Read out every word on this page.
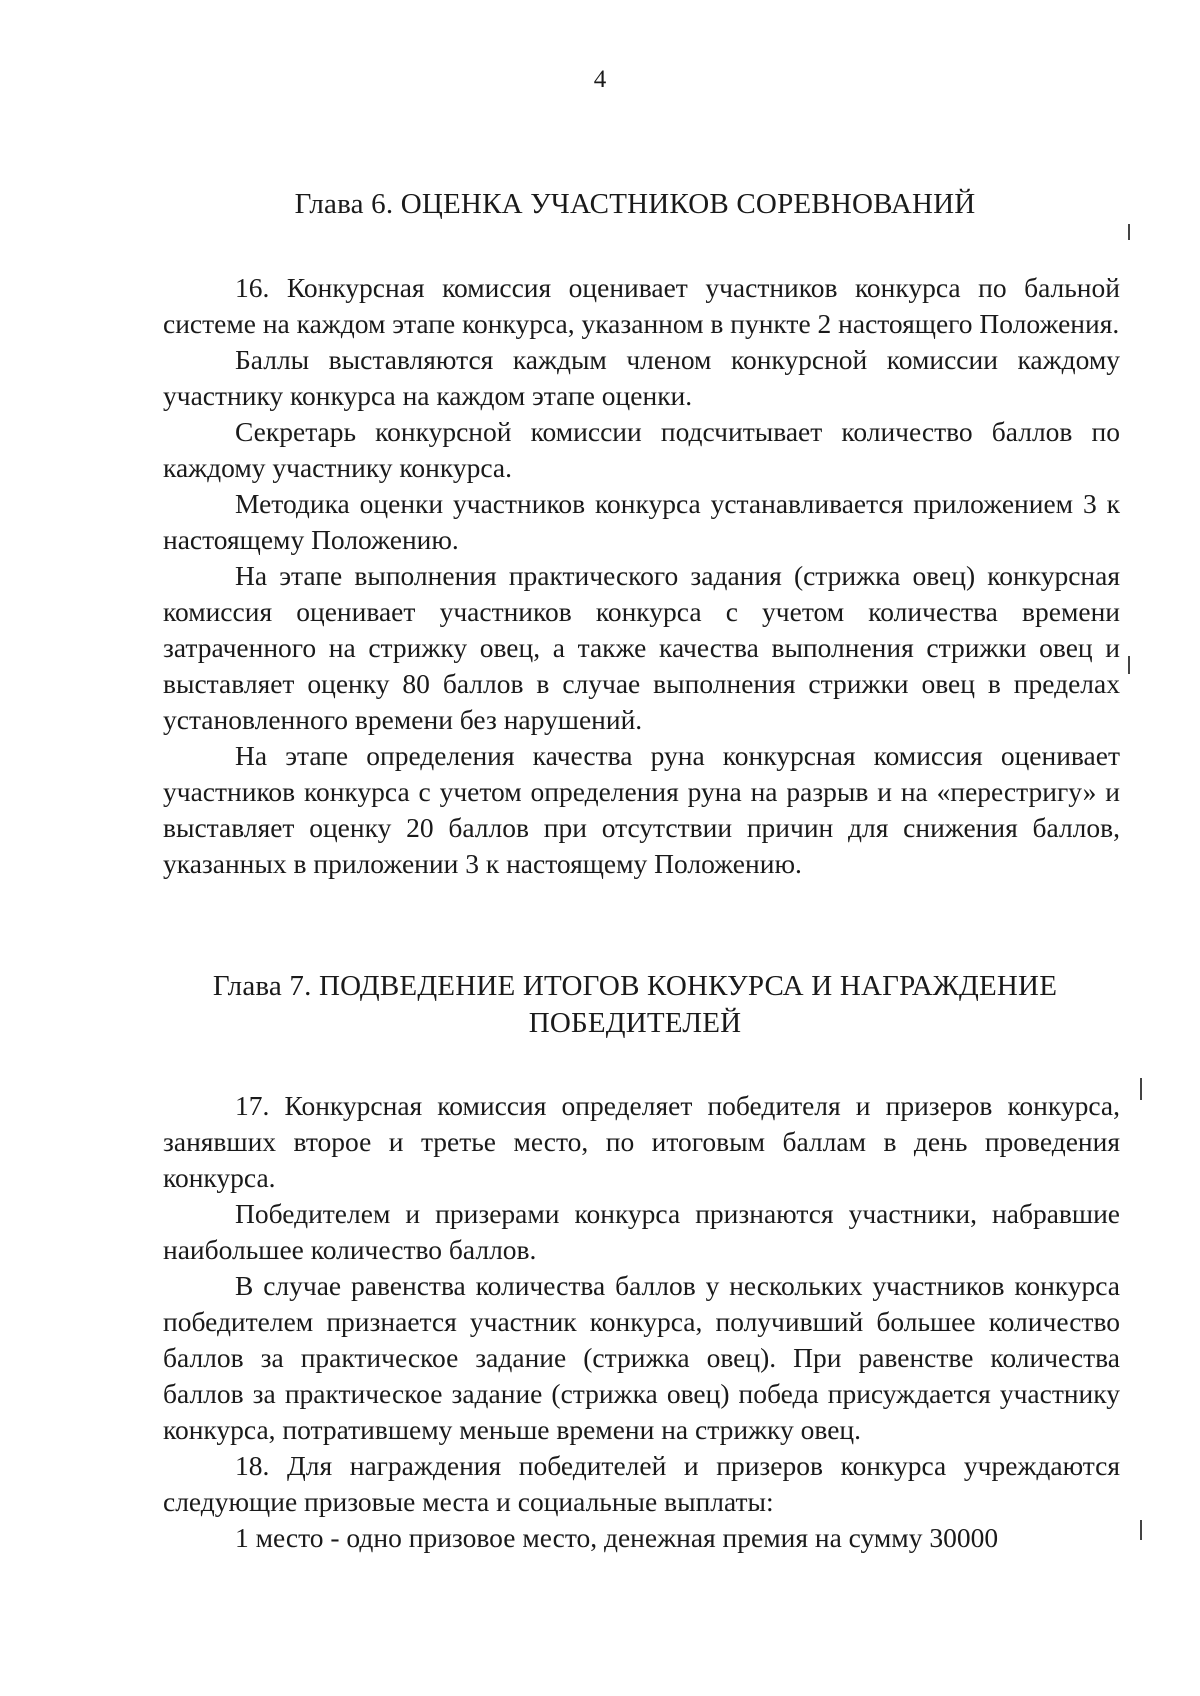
4
Глава 6. ОЦЕНКА УЧАСТНИКОВ СОРЕВНОВАНИЙ

16. Конкурсная комиссия оценивает участников конкурса по бальной системе на каждом этапе конкурса, указанном в пункте 2 настоящего Положения.

Баллы выставляются каждым членом конкурсной комиссии каждому участнику конкурса на каждом этапе оценки.

Секретарь конкурсной комиссии подсчитывает количество баллов по каждому участнику конкурса.

Методика оценки участников конкурса устанавливается приложением 3 к настоящему Положению.

На этапе выполнения практического задания (стрижка овец) конкурсная комиссия оценивает участников конкурса с учетом количества времени затраченного на стрижку овец, а также качества выполнения стрижки овец и выставляет оценку 80 баллов в случае выполнения стрижки овец в пределах установленного времени без нарушений.

На этапе определения качества руна конкурсная комиссия оценивает участников конкурса с учетом определения руна на разрыв и на «перестригу» и выставляет оценку 20 баллов при отсутствии причин для снижения баллов, указанных в приложении 3 к настоящему Положению.

Глава 7. ПОДВЕДЕНИЕ ИТОГОВ КОНКУРСА И НАГРАЖДЕНИЕ ПОБЕДИТЕЛЕЙ

17. Конкурсная комиссия определяет победителя и призеров конкурса, занявших второе и третье место, по итоговым баллам в день проведения конкурса.

Победителем и призерами конкурса признаются участники, набравшие наибольшее количество баллов.

В случае равенства количества баллов у нескольких участников конкурса победителем признается участник конкурса, получивший большее количество баллов за практическое задание (стрижка овец). При равенстве количества баллов за практическое задание (стрижка овец) победа присуждается участнику конкурса, потратившему меньше времени на стрижку овец.

18. Для награждения победителей и призеров конкурса учреждаются следующие призовые места и социальные выплаты:

1 место - одно призовое место, денежная премия на сумму 30000
